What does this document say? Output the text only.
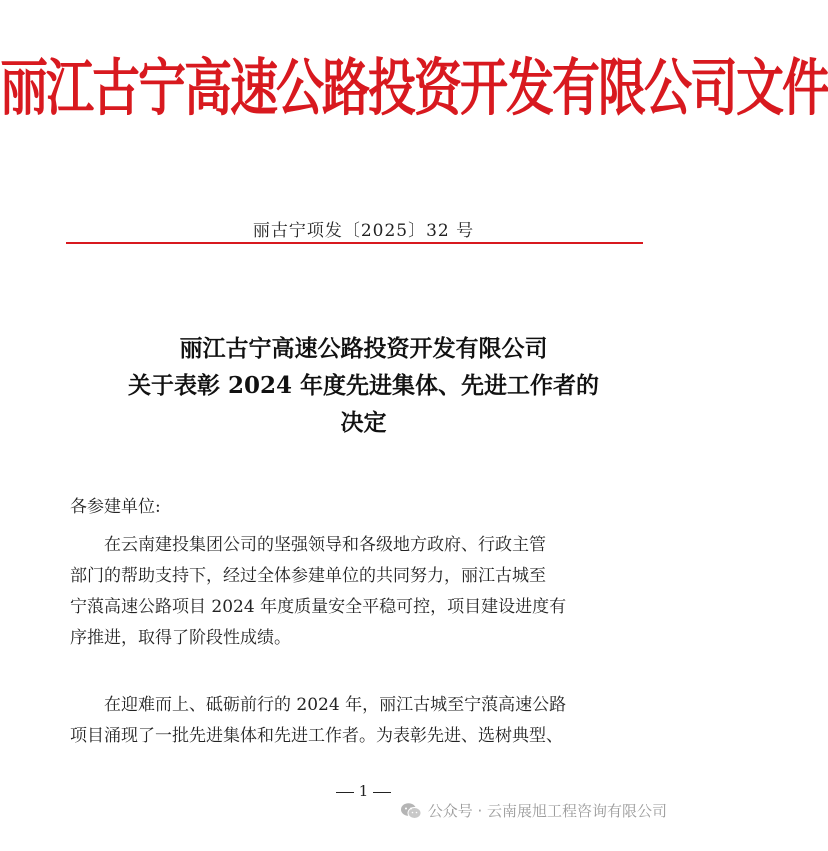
丽江古宁高速公路投资开发有限公司文件
丽古宁项发〔2025〕32 号
丽江古宁高速公路投资开发有限公司
关于表彰 2024 年度先进集体、先进工作者的
决定
各参建单位:
在云南建投集团公司的坚强领导和各级地方政府、行政主管
部门的帮助支持下，经过全体参建单位的共同努力，丽江古城至
宁蒗高速公路项目 2024 年度质量安全平稳可控，项目建设进度有
序推进，取得了阶段性成绩。
在迎难而上、砥砺前行的 2024 年，丽江古城至宁蒗高速公路
项目涌现了一批先进集体和先进工作者。为表彰先进、选树典型、
1
公众号 · 云南展旭工程咨询有限公司
